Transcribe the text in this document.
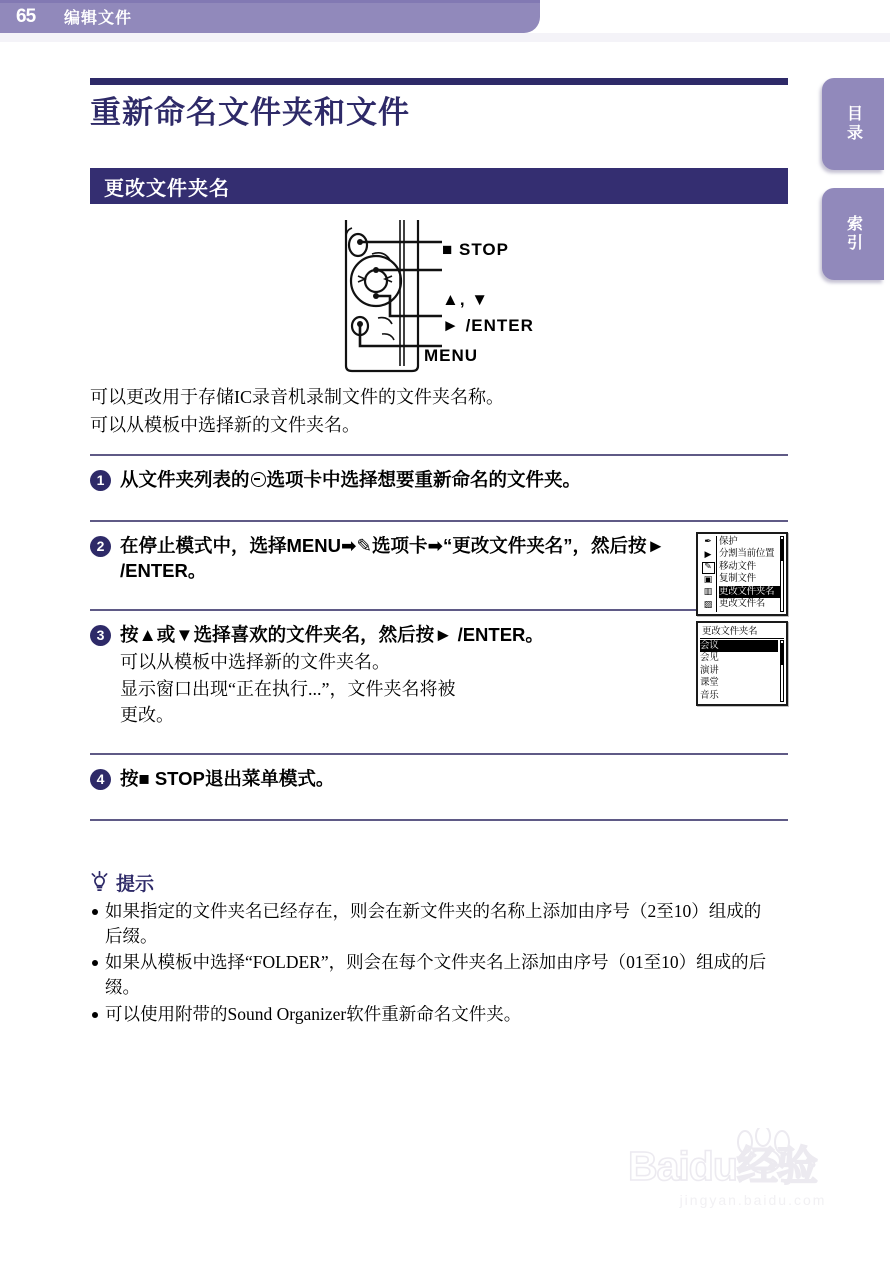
65	编辑文件
目录
索引
重新命名文件夹和文件
更改文件夹名
■ STOP
▲, ▼
► /ENTER
MENU
可以更改用于存储IC录音机录制文件的文件夹名称。
可以从模板中选择新的文件夹名。
1 从文件夹列表的 选项卡中选择想要重新命名的文件夹。
2 在停止模式中，选择MENU➡✎选项卡➡“更改文件夹名”，然后按► /ENTER。
✒
▶
✎
▣
▥
▨
保护
分割当前位置
移动文件
复制文件
更改文件夹名
更改文件名
3 按▲或▼选择喜欢的文件夹名，然后按► /ENTER。
可以从模板中选择新的文件夹名。
显示窗口出现“正在执行...”，文件夹名将被
更改。
更改文件夹名
会议
会见
演讲
课堂
音乐
4 按■ STOP退出菜单模式。
提示
如果指定的文件夹名已经存在，则会在新文件夹的名称上添加由序号（2至10）组成的后缀。
如果从模板中选择“FOLDER”，则会在每个文件夹名上添加由序号（01至10）组成的后缀。
可以使用附带的Sound Organizer软件重新命名文件夹。
Baidu经验
jingyan.baidu.com
